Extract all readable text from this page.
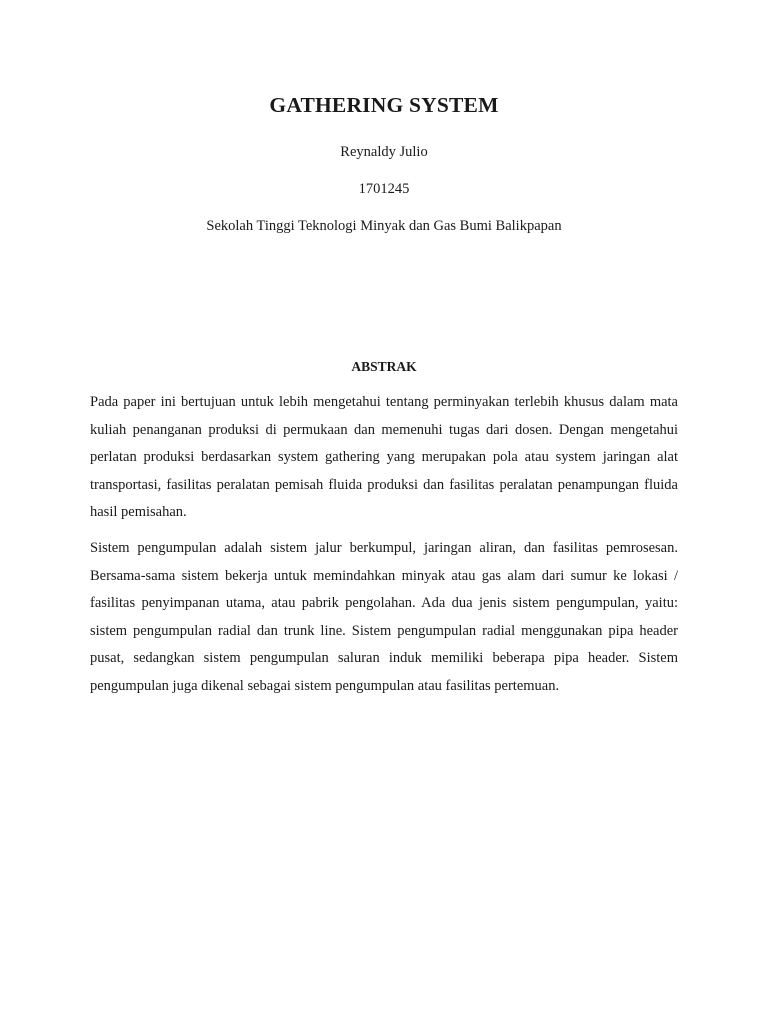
GATHERING SYSTEM

Reynaldy Julio

1701245

Sekolah Tinggi Teknologi Minyak dan Gas Bumi Balikpapan

ABSTRAK

Pada paper ini bertujuan untuk lebih mengetahui tentang perminyakan terlebih khusus dalam mata kuliah penanganan produksi di permukaan dan memenuhi tugas dari dosen. Dengan mengetahui perlatan produksi berdasarkan system gathering yang merupakan pola atau system jaringan alat transportasi, fasilitas peralatan pemisah fluida produksi dan fasilitas peralatan penampungan fluida hasil pemisahan.

Sistem pengumpulan adalah sistem jalur berkumpul, jaringan aliran, dan fasilitas pemrosesan. Bersama-sama sistem bekerja untuk memindahkan minyak atau gas alam dari sumur ke lokasi / fasilitas penyimpanan utama, atau pabrik pengolahan. Ada dua jenis sistem pengumpulan, yaitu: sistem pengumpulan radial dan trunk line. Sistem pengumpulan radial menggunakan pipa header pusat, sedangkan sistem pengumpulan saluran induk memiliki beberapa pipa header. Sistem pengumpulan juga dikenal sebagai sistem pengumpulan atau fasilitas pertemuan.
